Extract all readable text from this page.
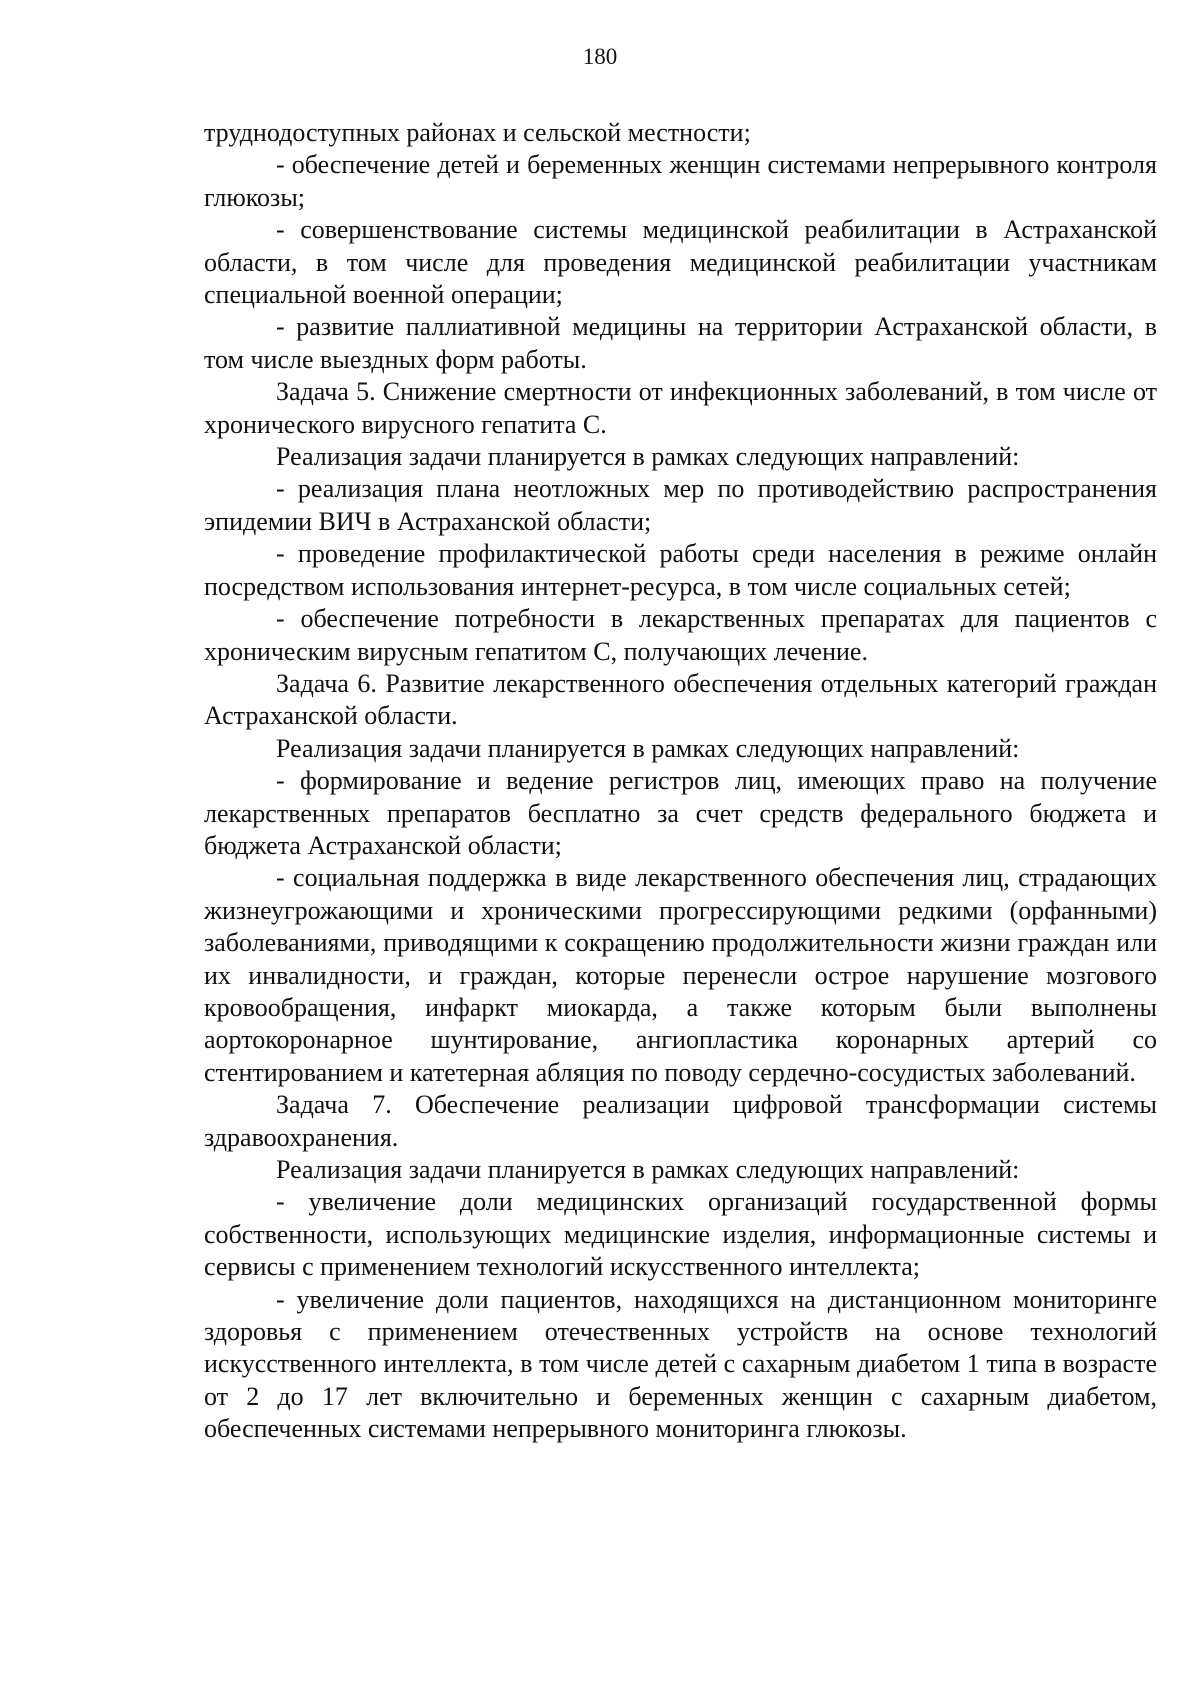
180

труднодоступных районах и сельской местности;

- обеспечение детей и беременных женщин системами непрерывного контроля глюкозы;

- совершенствование системы медицинской реабилитации в Астраханской области, в том числе для проведения медицинской реабилитации участникам специальной военной операции;

- развитие паллиативной медицины на территории Астраханской области, в том числе выездных форм работы.

Задача 5. Снижение смертности от инфекционных заболеваний, в том числе от хронического вирусного гепатита С.

Реализация задачи планируется в рамках следующих направлений:

- реализация плана неотложных мер по противодействию распространения эпидемии ВИЧ в Астраханской области;

- проведение профилактической работы среди населения в режиме онлайн посредством использования интернет-ресурса, в том числе социальных сетей;

- обеспечение потребности в лекарственных препаратах для пациентов с хроническим вирусным гепатитом С, получающих лечение.

Задача 6. Развитие лекарственного обеспечения отдельных категорий граждан Астраханской области.

Реализация задачи планируется в рамках следующих направлений:

- формирование и ведение регистров лиц, имеющих право на получение лекарственных препаратов бесплатно за счет средств федерального бюджета и бюджета Астраханской области;

- социальная поддержка в виде лекарственного обеспечения лиц, страдающих жизнеугрожающими и хроническими прогрессирующими редкими (орфанными) заболеваниями, приводящими к сокращению продолжительности жизни граждан или их инвалидности, и граждан, которые перенесли острое нарушение мозгового кровообращения, инфаркт миокарда, а также которым были выполнены аортокоронарное шунтирование, ангиопластика коронарных артерий со стентированием и катетерная абляция по поводу сердечно-сосудистых заболеваний.

Задача 7. Обеспечение реализации цифровой трансформации системы здравоохранения.

Реализация задачи планируется в рамках следующих направлений:

- увеличение доли медицинских организаций государственной формы собственности, использующих медицинские изделия, информационные системы и сервисы с применением технологий искусственного интеллекта;

- увеличение доли пациентов, находящихся на дистанционном мониторинге здоровья с применением отечественных устройств на основе технологий искусственного интеллекта, в том числе детей с сахарным диабетом 1 типа в возрасте от 2 до 17 лет включительно и беременных женщин с сахарным диабетом, обеспеченных системами непрерывного мониторинга глюкозы.
